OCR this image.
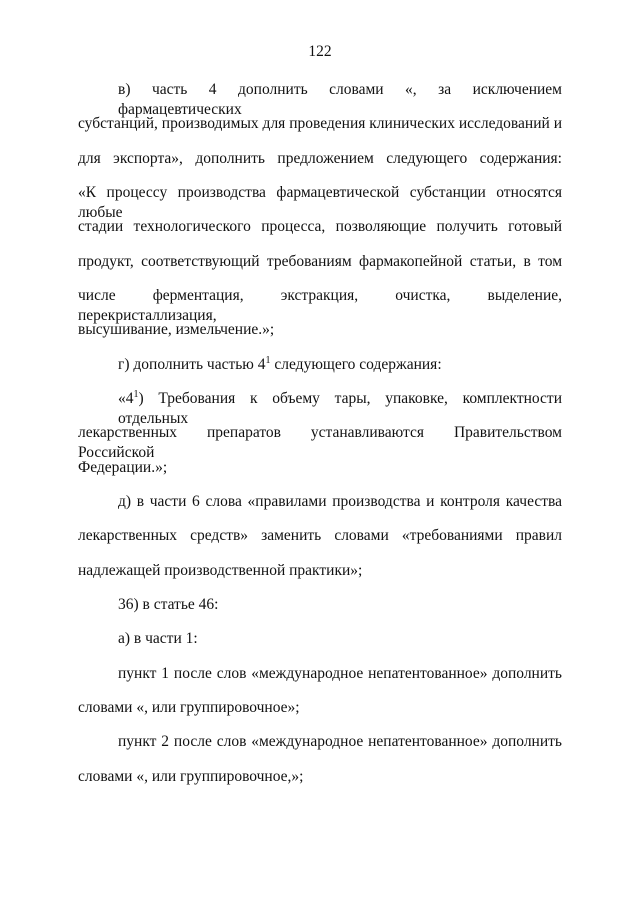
122
в) часть 4 дополнить словами «, за исключением фармацевтических
субстанций, производимых для проведения клинических исследований и
для экспорта», дополнить предложением следующего содержания:
«К процессу производства фармацевтической субстанции относятся любые
стадии технологического процесса, позволяющие получить готовый
продукт, соответствующий требованиям фармакопейной статьи, в том
числе ферментация, экстракция, очистка, выделение, перекристаллизация,
высушивание, измельчение.»;
г) дополнить частью $4^1$ следующего содержания:
«$4^1$) Требования к объему тары, упаковке, комплектности отдельных
лекарственных препаратов устанавливаются Правительством Российской
Федерации.»;
д) в части 6 слова «правилами производства и контроля качества
лекарственных средств» заменить словами «требованиями правил
надлежащей производственной практики»;
36) в статье 46:
а) в части 1:
пункт 1 после слов «международное непатентованное» дополнить
словами «, или группировочное»;
пункт 2 после слов «международное непатентованное» дополнить
словами «, или группировочное,»;
